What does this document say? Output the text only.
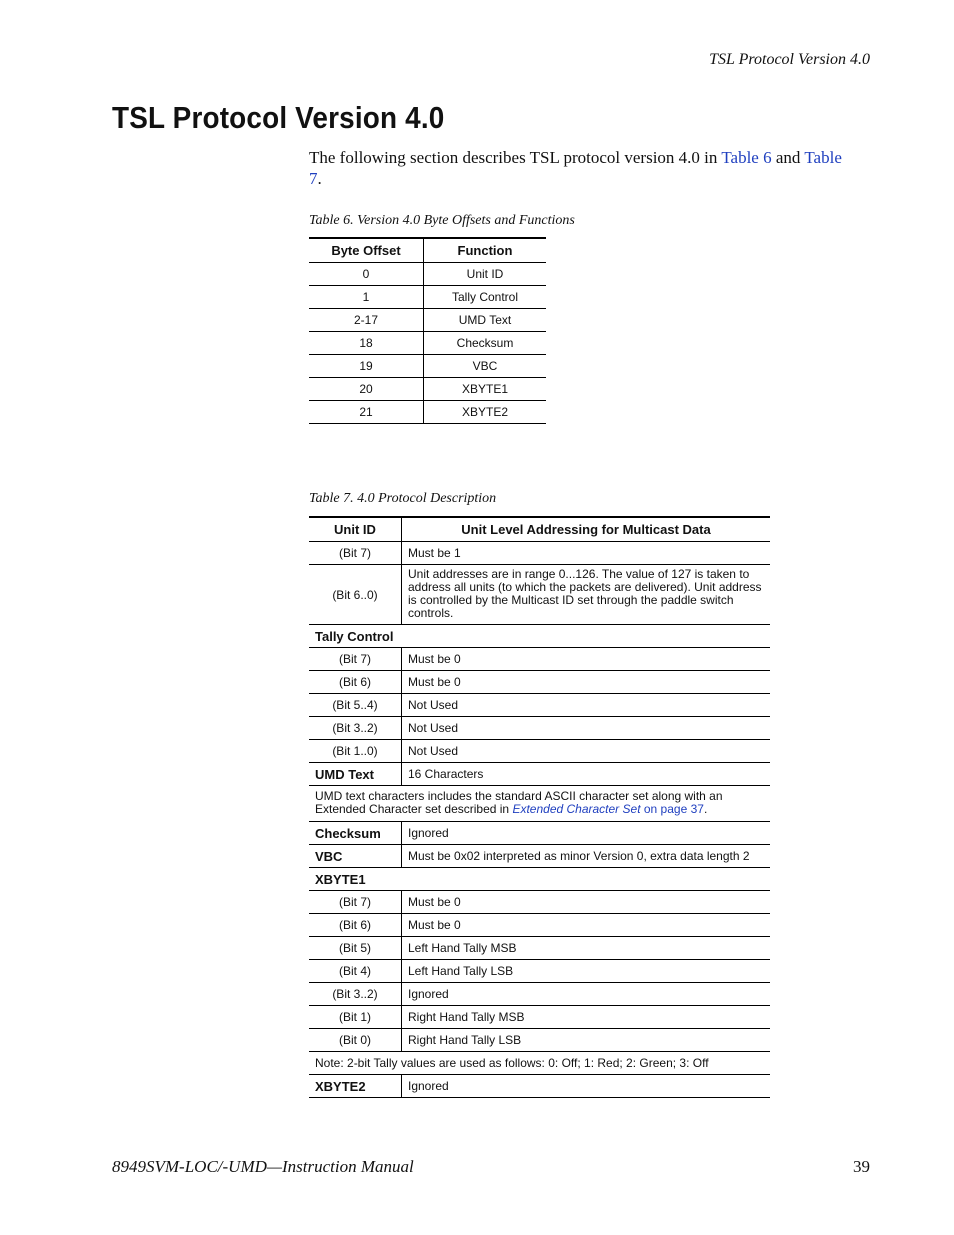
TSL Protocol Version 4.0
TSL Protocol Version 4.0

The following section describes TSL protocol version 4.0 in Table 6 and Table 7.

Table 6. Version 4.0 Byte Offsets and Functions

Byte Offset	Function
0	Unit ID
1	Tally Control
2-17	UMD Text
18	Checksum
19	VBC
20	XBYTE1
21	XBYTE2

Table 7. 4.0 Protocol Description

Unit ID	Unit Level Addressing for Multicast Data
(Bit 7)	Must be 1
(Bit 6..0)	Unit addresses are in range 0...126. The value of 127 is taken to address all units (to which the packets are delivered). Unit address is controlled by the Multicast ID set through the paddle switch controls.
Tally Control	
(Bit 7)	Must be 0
(Bit 6)	Must be 0
(Bit 5..4)	Not Used
(Bit 3..2)	Not Used
(Bit 1..0)	Not Used
UMD Text	16 Characters
UMD text characters includes the standard ASCII character set along with an Extended Character set described in Extended Character Set on page 37.	
Checksum	Ignored
VBC	Must be 0x02 interpreted as minor Version 0, extra data length 2
XBYTE1	
(Bit 7)	Must be 0
(Bit 6)	Must be 0
(Bit 5)	Left Hand Tally MSB
(Bit 4)	Left Hand Tally LSB
(Bit 3..2)	Ignored
(Bit 1)	Right Hand Tally MSB
(Bit 0)	Right Hand Tally LSB
Note: 2-bit Tally values are used as follows: 0: Off; 1: Red; 2: Green; 3: Off	
XBYTE2	Ignored
8949SVM-LOC/-UMD—Instruction Manual	39
